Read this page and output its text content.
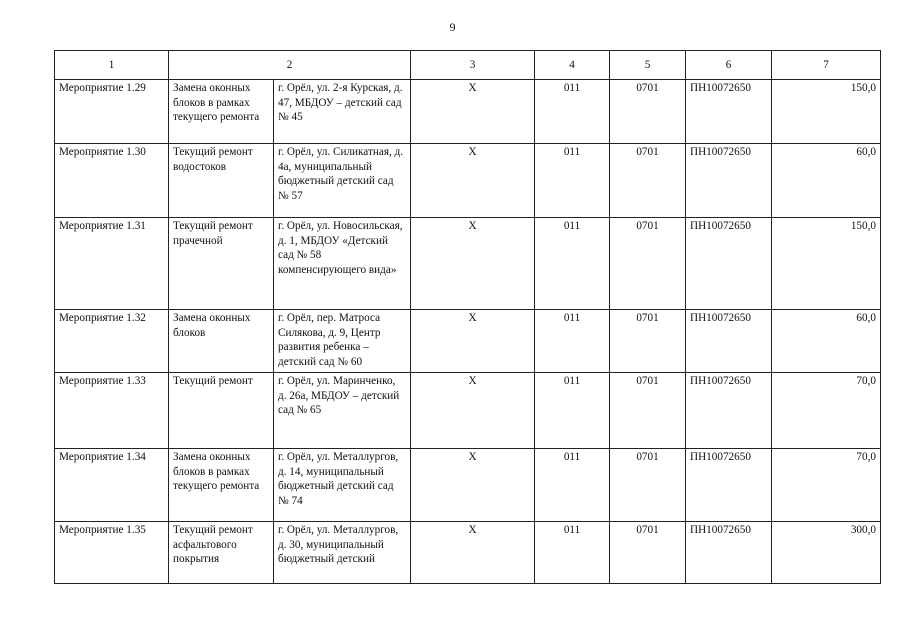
9
1	2		3	4	5	6	7
Мероприятие 1.29	Замена оконных блоков в рамках текущего ремонта	г. Орёл, ул. 2-я Курская, д. 47, МБДОУ – детский сад № 45	Х	011	0701	ПН10072650	150,0
Мероприятие 1.30	Текущий ремонт водостоков	г. Орёл, ул. Силикатная, д. 4а, муниципальный бюджетный детский сад № 57	Х	011	0701	ПН10072650	60,0
Мероприятие 1.31	Текущий ремонт прачечной	г. Орёл, ул. Новосильская, д. 1, МБДОУ «Детский сад № 58 компенсирующего вида»	Х	011	0701	ПН10072650	150,0
Мероприятие 1.32	Замена оконных блоков	г. Орёл, пер. Матроса Силякова, д. 9, Центр развития ребенка – детский сад № 60	Х	011	0701	ПН10072650	60,0
Мероприятие 1.33	Текущий ремонт	г. Орёл, ул. Маринченко, д. 26а, МБДОУ – детский сад № 65	Х	011	0701	ПН10072650	70,0
Мероприятие 1.34	Замена оконных блоков в рамках текущего ремонта	г. Орёл, ул. Металлургов, д. 14, муниципальный бюджетный детский сад № 74	Х	011	0701	ПН10072650	70,0
Мероприятие 1.35	Текущий ремонт асфальтового покрытия	г. Орёл, ул. Металлургов, д. 30, муниципальный бюджетный детский	Х	011	0701	ПН10072650	300,0
